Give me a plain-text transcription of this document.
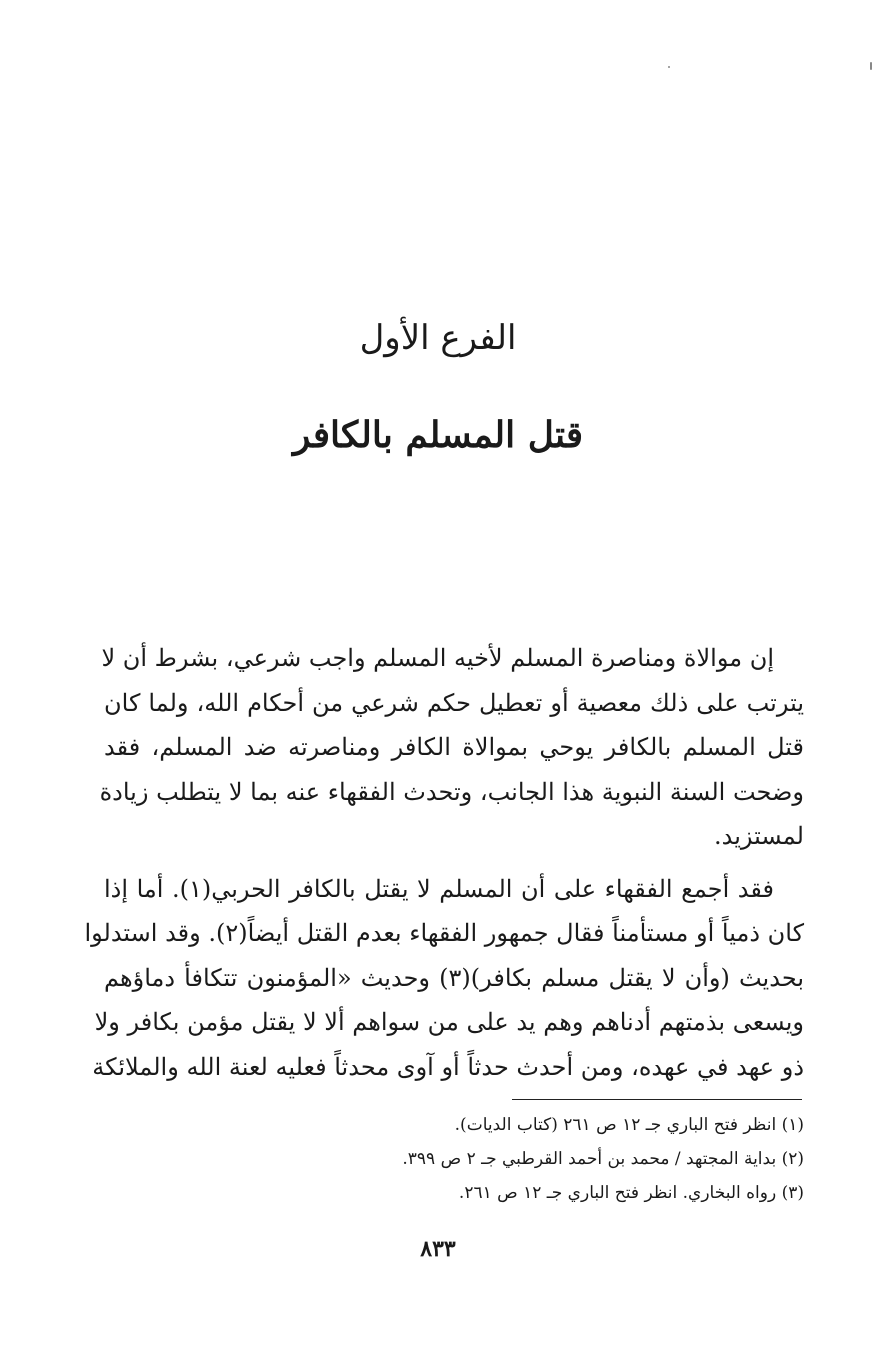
الفرع الأول
قتل المسلم بالكافر
إن موالاة ومناصرة المسلم لأخيه المسلم واجب شرعي، بشرط أن لا
يترتب على ذلك معصية أو تعطيل حكم شرعي من أحكام الله، ولما كان
قتل المسلم بالكافر يوحي بموالاة الكافر ومناصرته ضد المسلم، فقد
وضحت السنة النبوية هذا الجانب، وتحدث الفقهاء عنه بما لا يتطلب زيادة
لمستزيد.
فقد أجمع الفقهاء على أن المسلم لا يقتل بالكافر الحربي(١). أما إذا
كان ذمياً أو مستأمناً فقال جمهور الفقهاء بعدم القتل أيضاً(٢). وقد استدلوا
بحديث (وأن لا يقتل مسلم بكافر)(٣) وحديث «المؤمنون تتكافأ دماؤهم
ويسعى بذمتهم أدناهم وهم يد على من سواهم ألا لا يقتل مؤمن بكافر ولا
ذو عهد في عهده، ومن أحدث حدثاً أو آوى محدثاً فعليه لعنة الله والملائكة
(١) انظر فتح الباري جـ ١٢ ص ٢٦١ (كتاب الديات).
(٢) بداية المجتهد / محمد بن أحمد القرطبي جـ ٢ ص ٣٩٩.
(٣) رواه البخاري. انظر فتح الباري جـ ١٢ ص ٢٦١.
٨٣٣
